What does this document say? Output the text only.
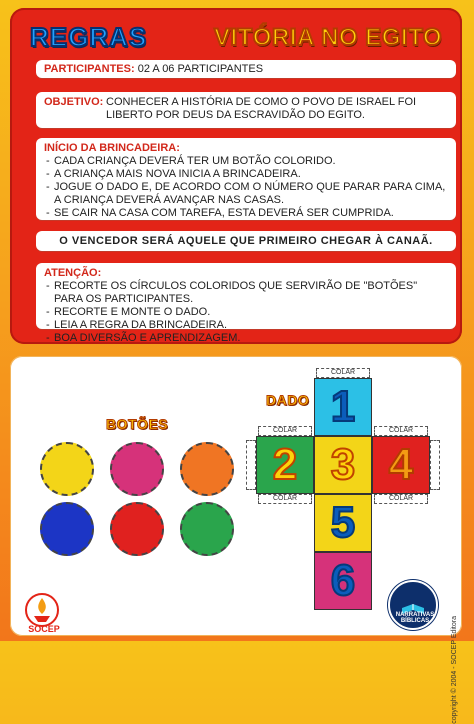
REGRAS	VITÓRIA NO EGITO
PARTICIPANTES: 02 A 06 PARTICIPANTES
OBJETIVO: CONHECER A HISTÓRIA DE COMO O POVO DE ISRAEL FOI LIBERTO POR DEUS DA ESCRAVIDÃO DO EGITO.
INÍCIO DA BRINCADEIRA:
- CADA CRIANÇA DEVERÁ TER UM BOTÃO COLORIDO.
- A CRIANÇA MAIS NOVA INICIA A BRINCADEIRA.
- JOGUE O DADO E, DE ACORDO COM O NÚMERO QUE PARAR PARA CIMA, A CRIANÇA DEVERÁ AVANÇAR NAS CASAS.
- SE CAIR NA CASA COM TAREFA, ESTA DEVERÁ SER CUMPRIDA.
O VENCEDOR SERÁ AQUELE QUE PRIMEIRO CHEGAR À CANAÃ.
ATENÇÃO:
- RECORTE OS CÍRCULOS COLORIDOS QUE SERVIRÃO DE "BOTÕES" PARA OS PARTICIPANTES.
- RECORTE E MONTE O DADO.
- LEIA A REGRA DA BRINCADEIRA.
- BOA DIVERSÃO E APRENDIZAGEM.
BOTÕES
DADO 1
2 3 4
5
6
COLAR
COLAR	COLAR
COLAR	COLAR
SOCEP
NARRATIVAS BÍBLICAS	copyright © 2004 - SOCEP Editora
